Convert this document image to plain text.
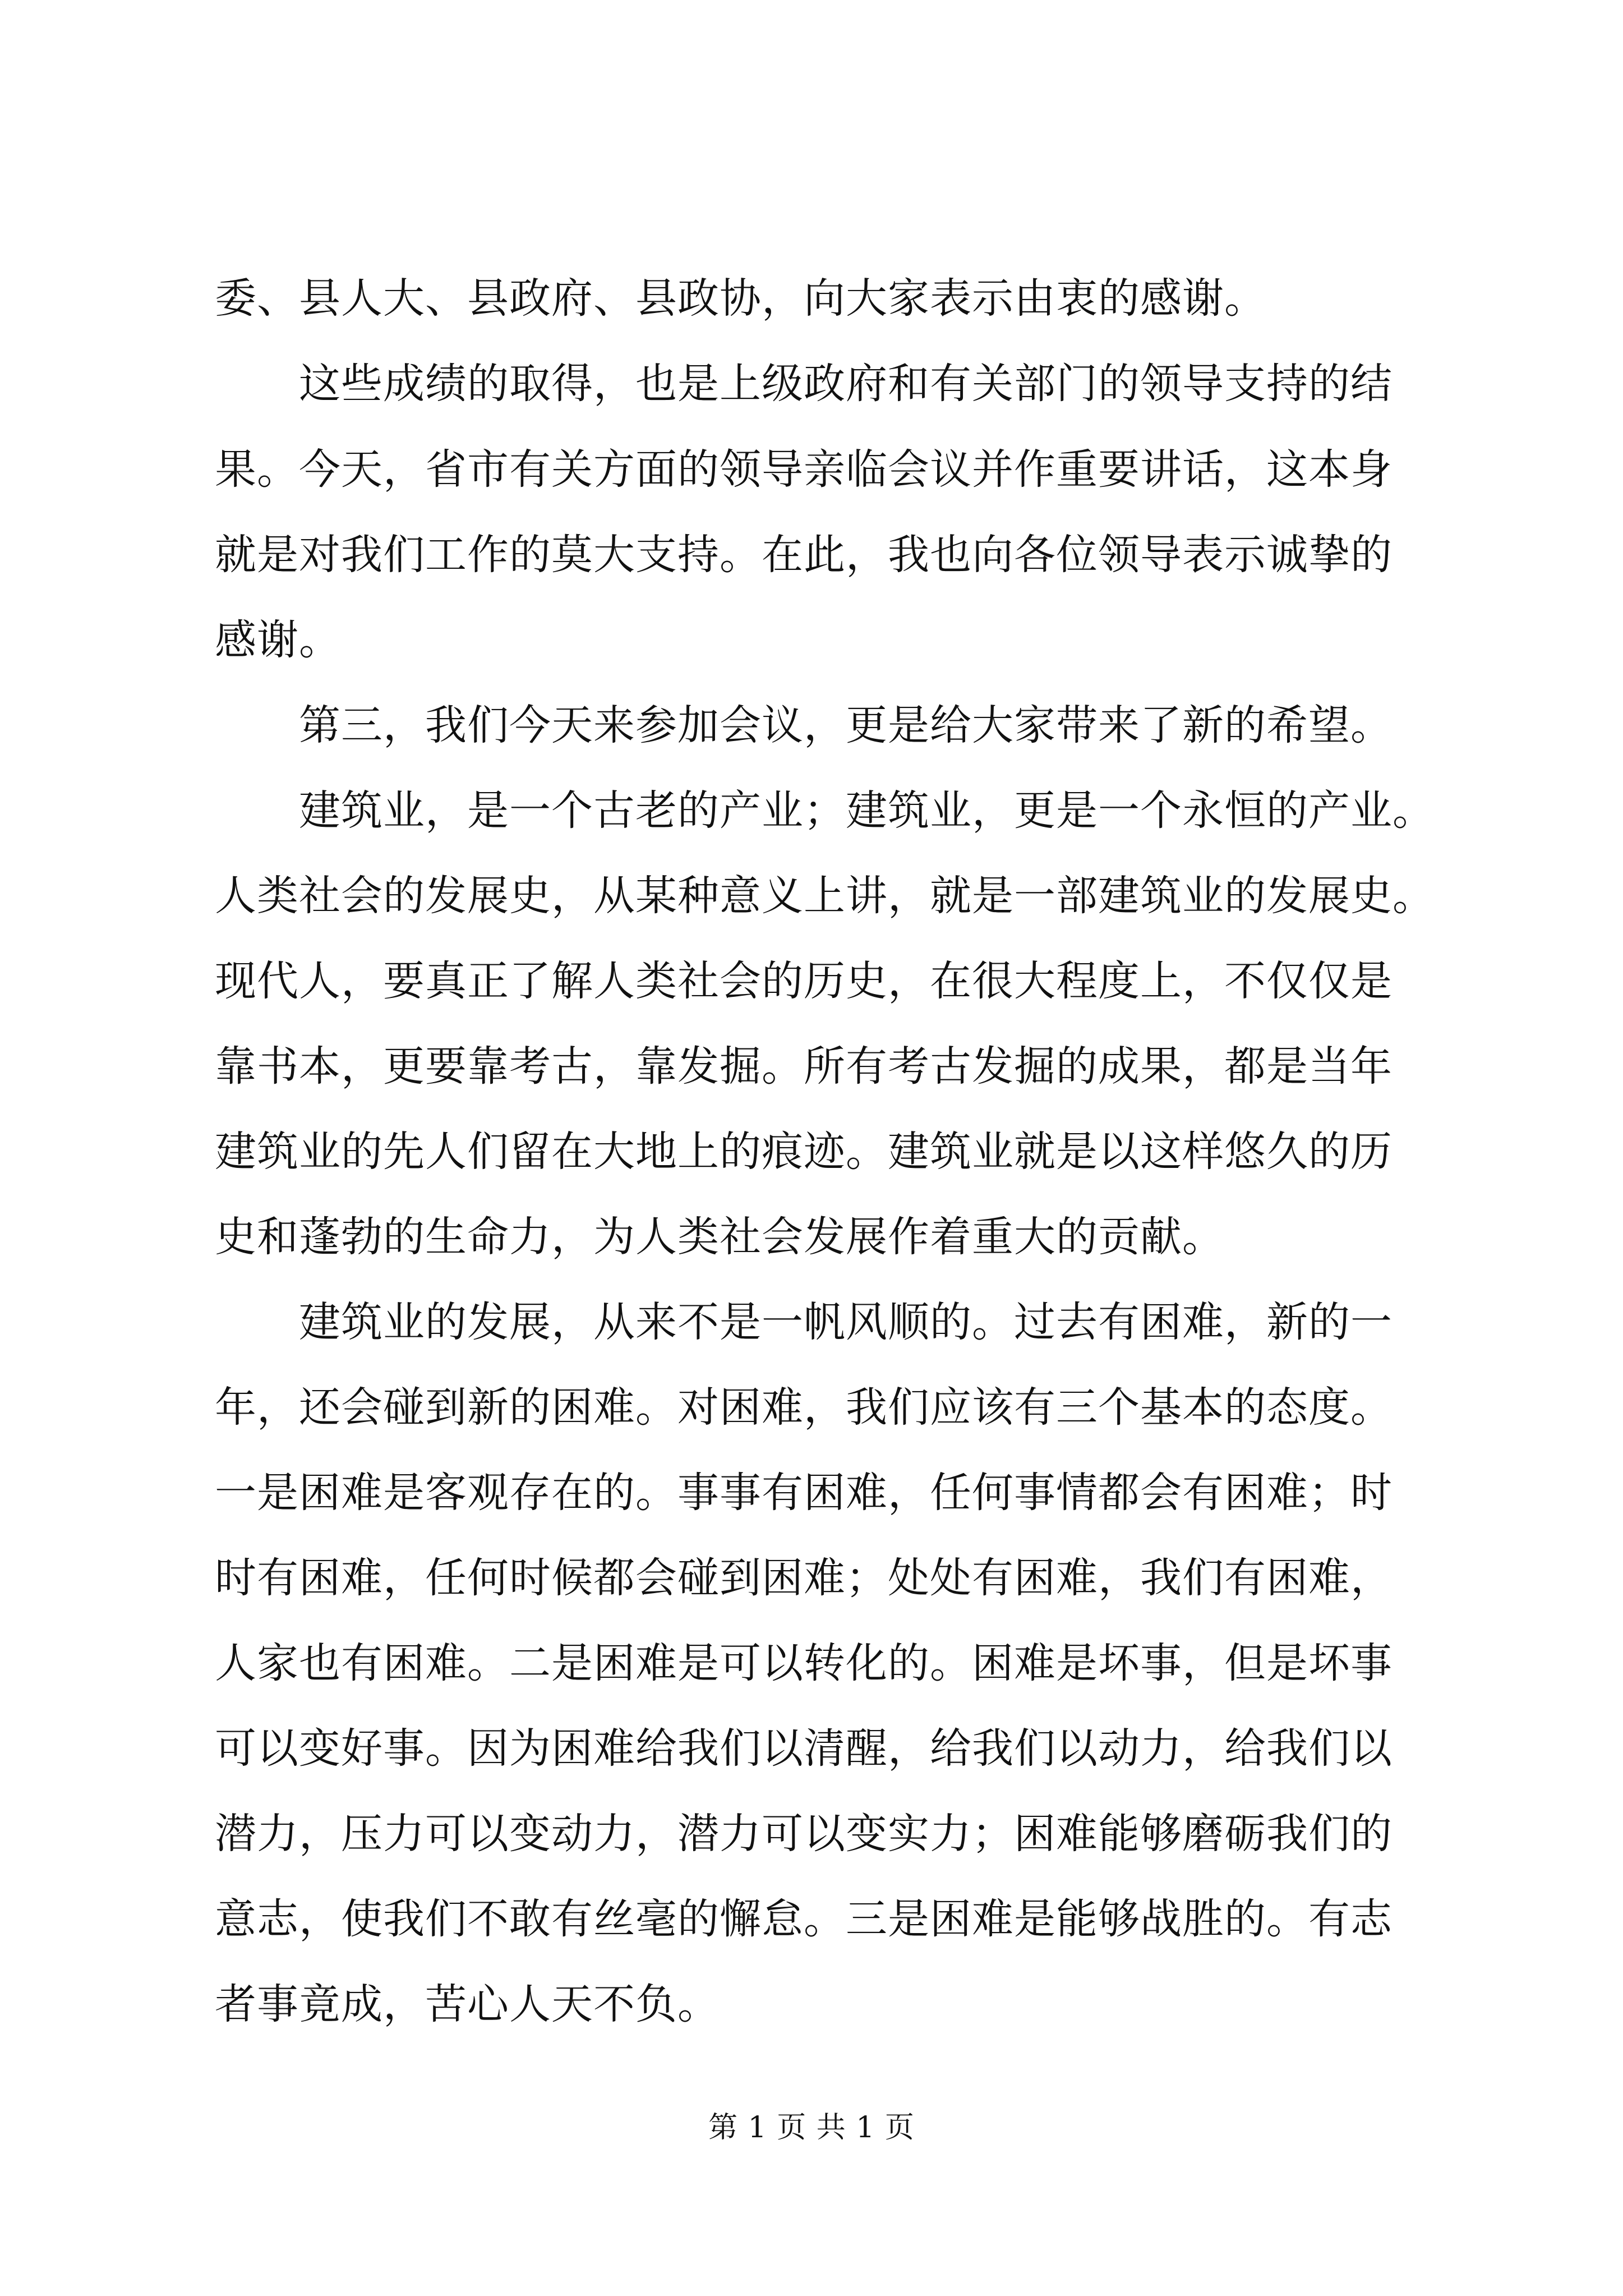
委、县人大、县政府、县政协，向大家表示由衷的感谢。
　　这些成绩的取得，也是上级政府和有关部门的领导支持的结
果。今天，省市有关方面的领导亲临会议并作重要讲话，这本身
就是对我们工作的莫大支持。在此，我也向各位领导表示诚挚的
感谢。
　　第三，我们今天来参加会议，更是给大家带来了新的希望。
　　建筑业，是一个古老的产业；建筑业，更是一个永恒的产业。
人类社会的发展史，从某种意义上讲，就是一部建筑业的发展史。
现代人，要真正了解人类社会的历史，在很大程度上，不仅仅是
靠书本，更要靠考古，靠发掘。所有考古发掘的成果，都是当年
建筑业的先人们留在大地上的痕迹。建筑业就是以这样悠久的历
史和蓬勃的生命力，为人类社会发展作着重大的贡献。
　　建筑业的发展，从来不是一帆风顺的。过去有困难，新的一
年，还会碰到新的困难。对困难，我们应该有三个基本的态度。
一是困难是客观存在的。事事有困难，任何事情都会有困难；时
时有困难，任何时候都会碰到困难；处处有困难，我们有困难，
人家也有困难。二是困难是可以转化的。困难是坏事，但是坏事
可以变好事。因为困难给我们以清醒，给我们以动力，给我们以
潜力，压力可以变动力，潜力可以变实力；困难能够磨砺我们的
意志，使我们不敢有丝毫的懈怠。三是困难是能够战胜的。有志
者事竟成，苦心人天不负。
第 1 页 共 1 页
